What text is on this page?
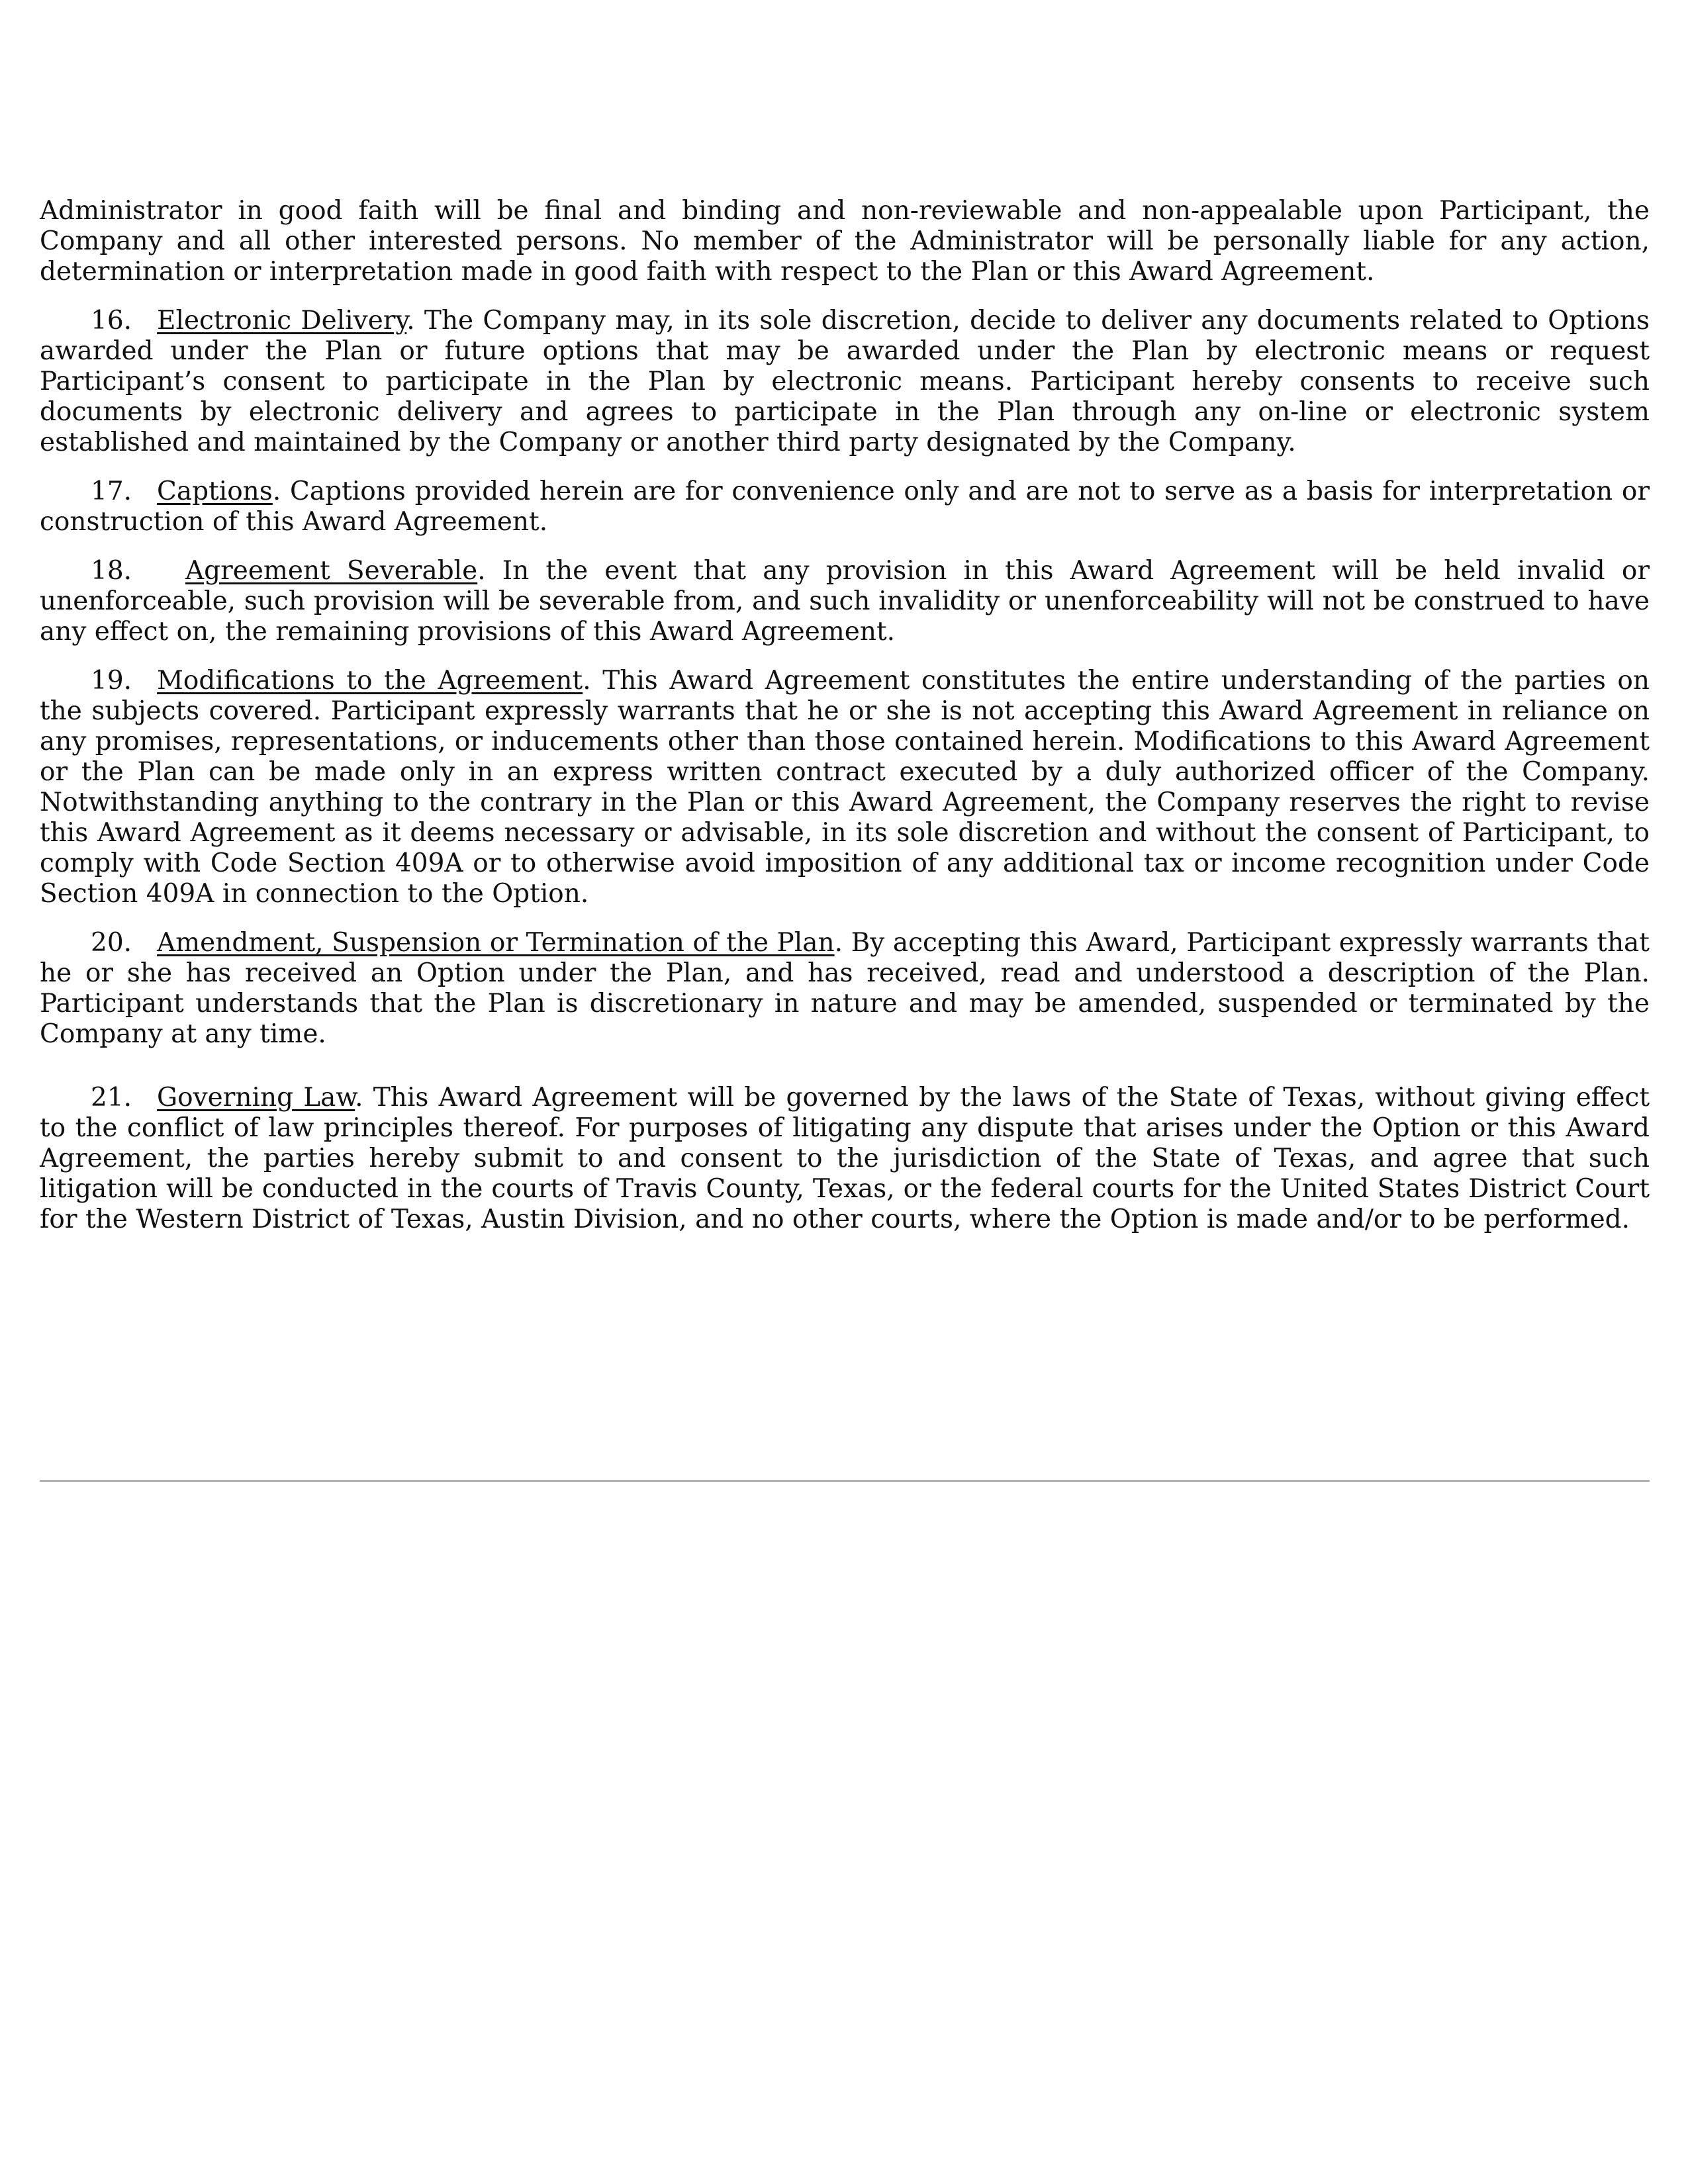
Administrator in good faith will be final and binding and non-reviewable and non-appealable upon Participant, the Company and all other interested persons. No member of the Administrator will be personally liable for any action, determination or interpretation made in good faith with respect to the Plan or this Award Agreement.

16. Electronic Delivery. The Company may, in its sole discretion, decide to deliver any documents related to Options awarded under the Plan or future options that may be awarded under the Plan by electronic means or request Participant’s consent to participate in the Plan by electronic means. Participant hereby consents to receive such documents by electronic delivery and agrees to participate in the Plan through any on-line or electronic system established and maintained by the Company or another third party designated by the Company.

17. Captions. Captions provided herein are for convenience only and are not to serve as a basis for interpretation or construction of this Award Agreement.

18. Agreement Severable. In the event that any provision in this Award Agreement will be held invalid or unenforceable, such provision will be severable from, and such invalidity or unenforceability will not be construed to have any effect on, the remaining provisions of this Award Agreement.

19. Modifications to the Agreement. This Award Agreement constitutes the entire understanding of the parties on the subjects covered. Participant expressly warrants that he or she is not accepting this Award Agreement in reliance on any promises, representations, or inducements other than those contained herein. Modifications to this Award Agreement or the Plan can be made only in an express written contract executed by a duly authorized officer of the Company. Notwithstanding anything to the contrary in the Plan or this Award Agreement, the Company reserves the right to revise this Award Agreement as it deems necessary or advisable, in its sole discretion and without the consent of Participant, to comply with Code Section 409A or to otherwise avoid imposition of any additional tax or income recognition under Code Section 409A in connection to the Option.

20. Amendment, Suspension or Termination of the Plan. By accepting this Award, Participant expressly warrants that he or she has received an Option under the Plan, and has received, read and understood a description of the Plan. Participant understands that the Plan is discretionary in nature and may be amended, suspended or terminated by the Company at any time.

21. Governing Law. This Award Agreement will be governed by the laws of the State of Texas, without giving effect to the conflict of law principles thereof. For purposes of litigating any dispute that arises under the Option or this Award Agreement, the parties hereby submit to and consent to the jurisdiction of the State of Texas, and agree that such litigation will be conducted in the courts of Travis County, Texas, or the federal courts for the United States District Court for the Western District of Texas, Austin Division, and no other courts, where the Option is made and/or to be performed.
